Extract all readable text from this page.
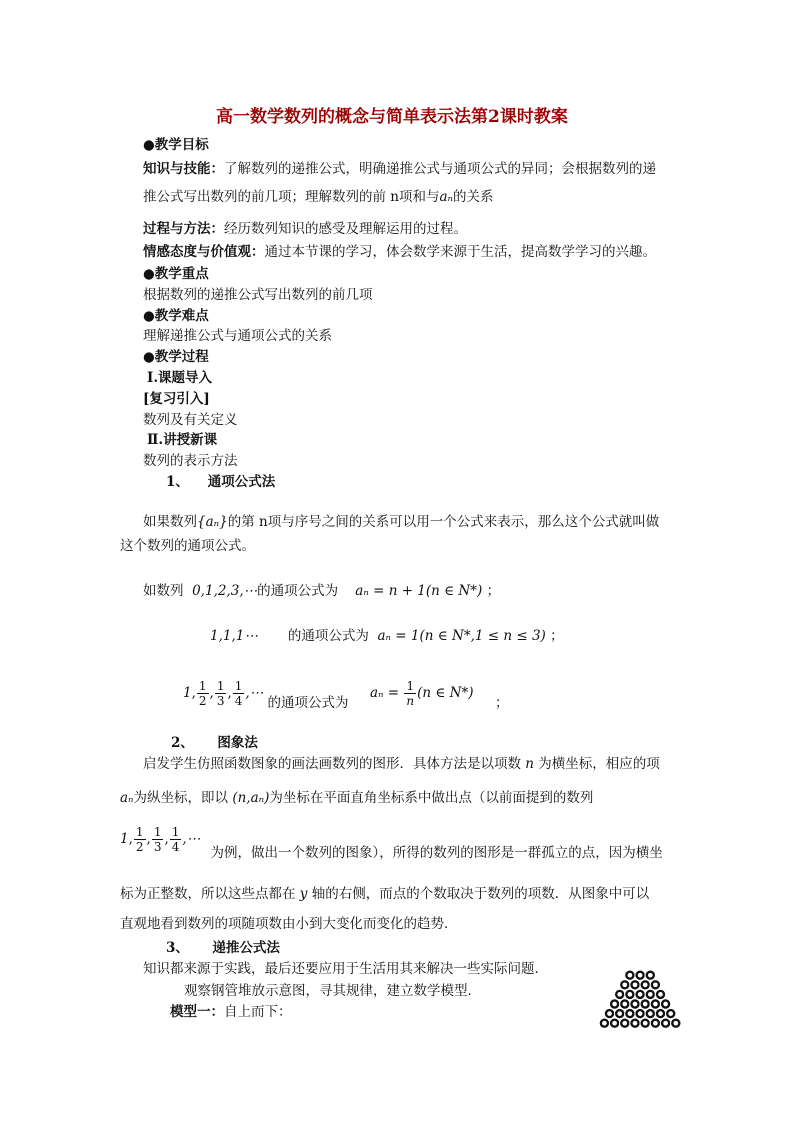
高一数学数列的概念与简单表示法第2课时教案
●教学目标
知识与技能：了解数列的递推公式，明确递推公式与通项公式的异同；会根据数列的递
推公式写出数列的前几项；理解数列的前 n项和与aₙ的关系
过程与方法：经历数列知识的感受及理解运用的过程。
情感态度与价值观：通过本节课的学习，体会数学来源于生活，提高数学学习的兴趣。
●教学重点
根据数列的递推公式写出数列的前几项
●教学难点
理解递推公式与通项公式的关系
●教学过程
Ⅰ.课题导入
[复习引入]
数列及有关定义
Ⅱ.讲授新课
数列的表示方法
1、 通项公式法
如果数列{aₙ}的第 n项与序号之间的关系可以用一个公式来表示，那么这个公式就叫做
这个数列的通项公式。
如数列 0,1,2,3,⋯的通项公式为 aₙ = n + 1(n ∈ N*) ；
1,1,1⋯ 的通项公式为 aₙ = 1(n ∈ N*,1 ≤ n ≤ 3) ；
1, $\frac{1}{2}$ , $\frac{1}{3}$ , $\frac{1}{4}$ ,⋯ 的通项公式为     $a_n = \frac{1}{n} (n$ ∈ N*)     ；
2、 图象法
启发学生仿照函数图象的画法画数列的图形．具体方法是以项数 n 为横坐标，相应的项
aₙ为纵坐标，即以 (n,aₙ)为坐标在平面直角坐标系中做出点（以前面提到的数列
1, $\frac{1}{2}$ , $\frac{1}{3}$ , $\frac{1}{4}$ ,⋯ 为例，做出一个数列的图象），所得的数列的图形是一群孤立的点，因为横坐
标为正整数，所以这些点都在 y 轴的右侧，而点的个数取决于数列的项数．从图象中可以
直观地看到数列的项随项数由小到大变化而变化的趋势．
3、 递推公式法
知识都来源于实践，最后还要应用于生活用其来解决一些实际问题．
观察钢管堆放示意图，寻其规律，建立数学模型．
模型一：自上而下：
